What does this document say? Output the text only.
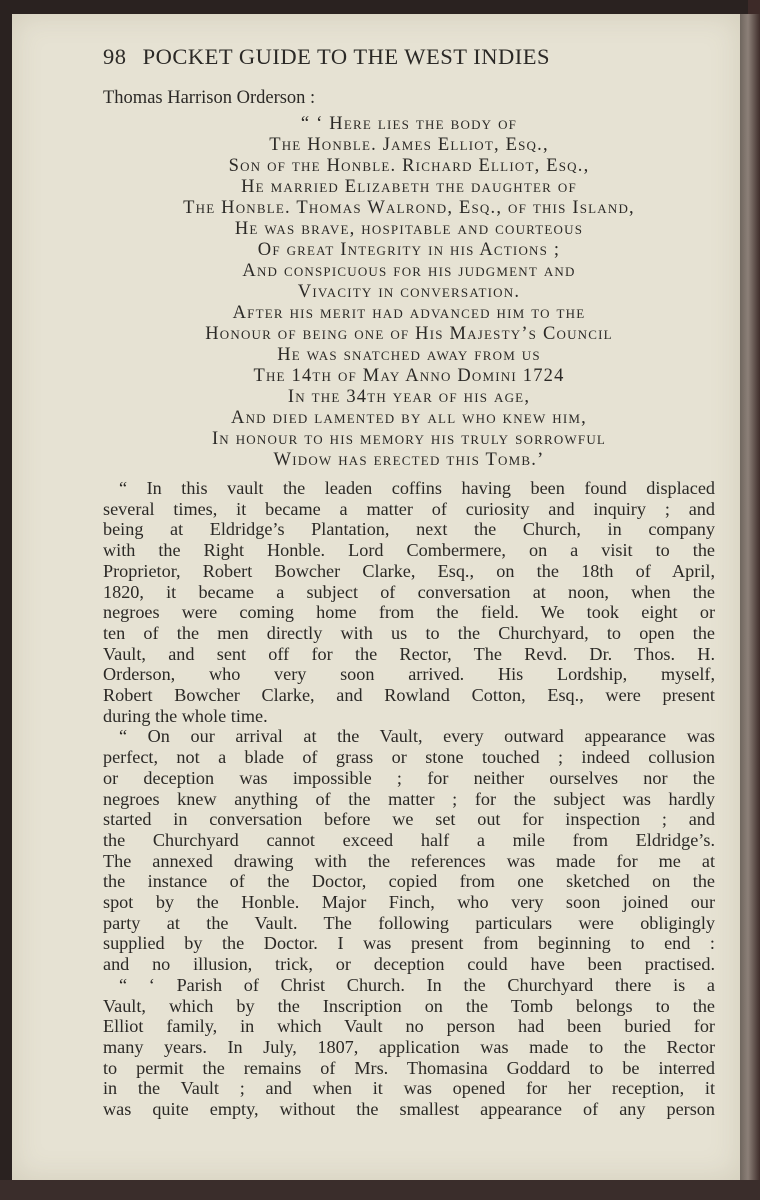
98 POCKET GUIDE TO THE WEST INDIES
Thomas Harrison Orderson :
“ ‘ Here lies the body of
The Honble. James Elliot, Esq.,
Son of the Honble. Richard Elliot, Esq.,
He married Elizabeth the daughter of
The Honble. Thomas Walrond, Esq., of this Island,
He was brave, hospitable and courteous
Of great Integrity in his Actions ;
And conspicuous for his judgment and
Vivacity in conversation.
After his merit had advanced him to the
Honour of being one of His Majesty’s Council
He was snatched away from us
The 14th of May Anno Domini 1724
In the 34th year of his age,
And died lamented by all who knew him,
In honour to his memory his truly sorrowful
Widow has erected this Tomb.’
“ In this vault the leaden coffins having been found displaced
several times, it became a matter of curiosity and inquiry ; and
being at Eldridge’s Plantation, next the Church, in company
with the Right Honble. Lord Combermere, on a visit to the
Proprietor, Robert Bowcher Clarke, Esq., on the 18th of April,
1820, it became a subject of conversation at noon, when the
negroes were coming home from the field. We took eight or
ten of the men directly with us to the Churchyard, to open the
Vault, and sent off for the Rector, The Revd. Dr. Thos. H.
Orderson, who very soon arrived. His Lordship, myself,
Robert Bowcher Clarke, and Rowland Cotton, Esq., were present
during the whole time.
“ On our arrival at the Vault, every outward appearance was
perfect, not a blade of grass or stone touched ; indeed collusion
or deception was impossible ; for neither ourselves nor the
negroes knew anything of the matter ; for the subject was hardly
started in conversation before we set out for inspection ; and
the Churchyard cannot exceed half a mile from Eldridge’s.
The annexed drawing with the references was made for me at
the instance of the Doctor, copied from one sketched on the
spot by the Honble. Major Finch, who very soon joined our
party at the Vault. The following particulars were obligingly
supplied by the Doctor. I was present from beginning to end :
and no illusion, trick, or deception could have been practised.
“ ‘ Parish of Christ Church. In the Churchyard there is a
Vault, which by the Inscription on the Tomb belongs to the
Elliot family, in which Vault no person had been buried for
many years. In July, 1807, application was made to the Rector
to permit the remains of Mrs. Thomasina Goddard to be interred
in the Vault ; and when it was opened for her reception, it
was quite empty, without the smallest appearance of any person
